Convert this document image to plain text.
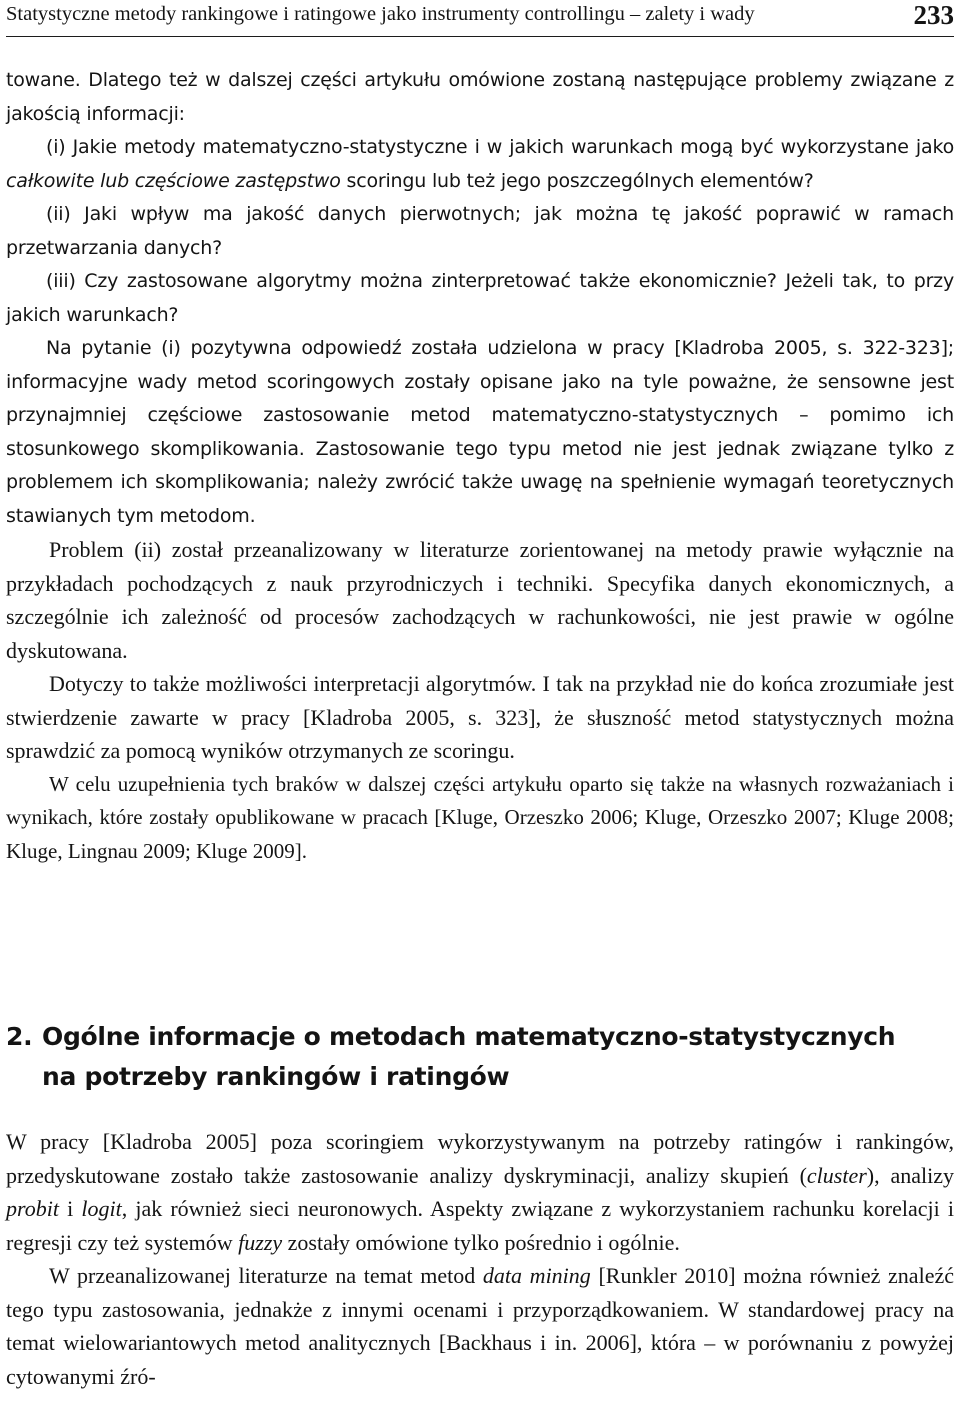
Statystyczne metody rankingowe i ratingowe jako instrumenty controllingu – zalety i wady	233

towane. Dlatego też w dalszej części artykułu omówione zostaną następujące problemy związane z jakością informacji:

(i) Jakie metody matematyczno-statystyczne i w jakich warunkach mogą być wykorzystane jako całkowite lub częściowe zastępstwo scoringu lub też jego poszczególnych elementów?

(ii) Jaki wpływ ma jakość danych pierwotnych; jak można tę jakość poprawić w ramach przetwarzania danych?

(iii) Czy zastosowane algorytmy można zinterpretować także ekonomicznie? Jeżeli tak, to przy jakich warunkach?

Na pytanie (i) pozytywna odpowiedź została udzielona w pracy [Kladroba 2005, s. 322-323]; informacyjne wady metod scoringowych zostały opisane jako na tyle poważne, że sensowne jest przynajmniej częściowe zastosowanie metod matematyczno-statystycznych – pomimo ich stosunkowego skomplikowania. Zastosowanie tego typu metod nie jest jednak związane tylko z problemem ich skomplikowania; należy zwrócić także uwagę na spełnienie wymagań teoretycznych stawianych tym metodom.

Problem (ii) został przeanalizowany w literaturze zorientowanej na metody prawie wyłącznie na przykładach pochodzących z nauk przyrodniczych i techniki. Specyfika danych ekonomicznych, a szczególnie ich zależność od procesów zachodzących w rachunkowości, nie jest prawie w ogólne dyskutowana.

Dotyczy to także możliwości interpretacji algorytmów. I tak na przykład nie do końca zrozumiałe jest stwierdzenie zawarte w pracy [Kladroba 2005, s. 323], że słuszność metod statystycznych można sprawdzić za pomocą wyników otrzymanych ze scoringu.

W celu uzupełnienia tych braków w dalszej części artykułu oparto się także na własnych rozważaniach i wynikach, które zostały opublikowane w pracach [Kluge, Orzeszko 2006; Kluge, Orzeszko 2007; Kluge 2008; Kluge, Lingnau 2009; Kluge 2009].

2. Ogólne informacje o metodach matematyczno-statystycznych
na potrzeby rankingów i ratingów

W pracy [Kladroba 2005] poza scoringiem wykorzystywanym na potrzeby ratingów i rankingów, przedyskutowane zostało także zastosowanie analizy dyskryminacji, analizy skupień (cluster), analizy probit i logit, jak również sieci neuronowych. Aspekty związane z wykorzystaniem rachunku korelacji i regresji czy też systemów fuzzy zostały omówione tylko pośrednio i ogólnie.

W przeanalizowanej literaturze na temat metod data mining [Runkler 2010] można również znaleźć tego typu zastosowania, jednakże z innymi ocenami i przyporządkowaniem. W standardowej pracy na temat wielowariantowych metod analitycznych [Backhaus i in. 2006], która – w porównaniu z powyżej cytowanymi źró-
